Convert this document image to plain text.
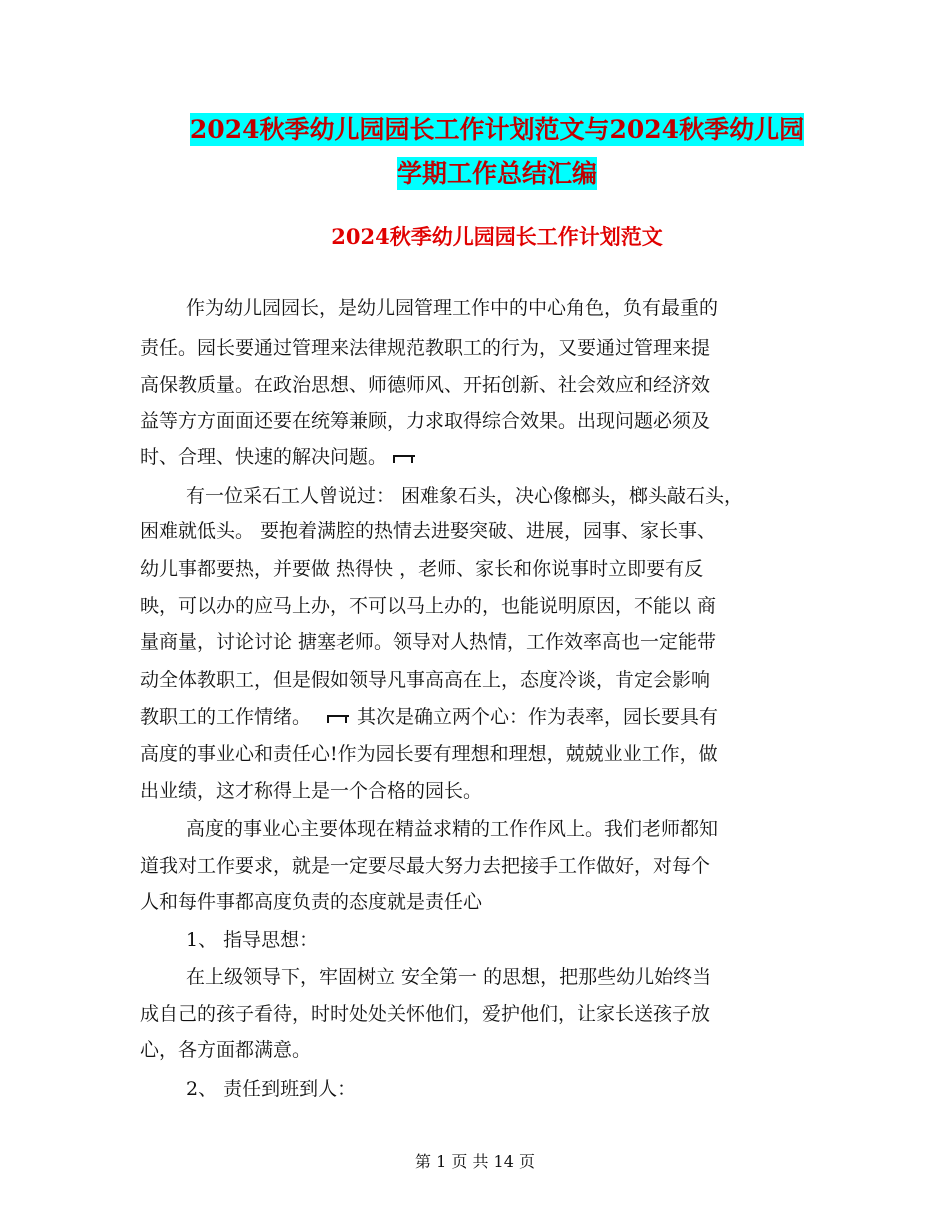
2024秋季幼儿园园长工作计划范文与2024秋季幼儿园
学期工作总结汇编
2024秋季幼儿园园长工作计划范文
作为幼儿园园长，是幼儿园管理工作中的中心角色，负有最重的
责任。园长要通过管理来法律规范教职工的行为，又要通过管理来提
高保教质量。在政治思想、师德师风、开拓创新、社会效应和经济效
益等方方面面还要在统筹兼顾，力求取得综合效果。出现问题必须及
时、合理、快速的解决问题。
有一位采石工人曾说过： 困难象石头，决心像榔头，榔头敲石头，
困难就低头。 要抱着满腔的热情去进娶突破、进展，园事、家长事、
幼儿事都要热，并要做 热得快 ，老师、家长和你说事时立即要有反
映，可以办的应马上办，不可以马上办的，也能说明原因，不能以 商
量商量，讨论讨论 搪塞老师。领导对人热情，工作效率高也一定能带
动全体教职工，但是假如领导凡事高高在上，态度冷谈，肯定会影响
教职工的工作情绪。 其次是确立两个心：作为表率，园长要具有
高度的事业心和责任心!作为园长要有理想和理想，兢兢业业工作，做
出业绩，这才称得上是一个合格的园长。
高度的事业心主要体现在精益求精的工作作风上。我们老师都知
道我对工作要求，就是一定要尽最大努力去把接手工作做好，对每个
人和每件事都高度负责的态度就是责任心
1、 指导思想：
在上级领导下，牢固树立 安全第一 的思想，把那些幼儿始终当
成自己的孩子看待，时时处处关怀他们，爱护他们，让家长送孩子放
心，各方面都满意。
2、 责任到班到人：
第 1 页 共 14 页
